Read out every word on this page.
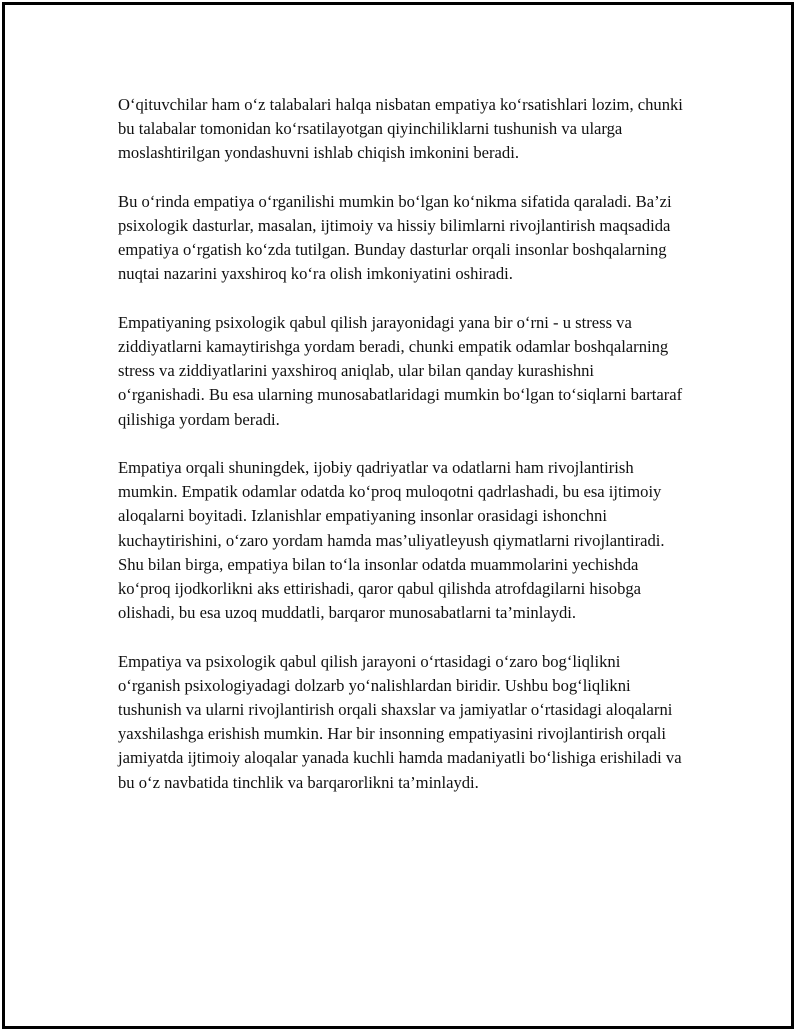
O‘qituvchilar ham o‘z talabalari halqa nisbatan empatiya ko‘rsatishlari lozim, chunki bu talabalar tomonidan ko‘rsatilayotgan qiyinchiliklarni tushunish va ularga moslashtirilgan yondashuvni ishlab chiqish imkonini beradi.

Bu o‘rinda empatiya o‘rganilishi mumkin bo‘lgan ko‘nikma sifatida qaraladi. Ba’zi psixologik dasturlar, masalan, ijtimoiy va hissiy bilimlarni rivojlantirish maqsadida empatiya o‘rgatish ko‘zda tutilgan. Bunday dasturlar orqali insonlar boshqalarning nuqtai nazarini yaxshiroq ko‘ra olish imkoniyatini oshiradi.

Empatiyaning psixologik qabul qilish jarayonidagi yana bir o‘rni - u stress va ziddiyatlarni kamaytirishga yordam beradi, chunki empatik odamlar boshqalarning stress va ziddiyatlarini yaxshiroq aniqlab, ular bilan qanday kurashishni o‘rganishadi. Bu esa ularning munosabatlaridagi mumkin bo‘lgan to‘siqlarni bartaraf qilishiga yordam beradi.

Empatiya orqali shuningdek, ijobiy qadriyatlar va odatlarni ham rivojlantirish mumkin. Empatik odamlar odatda ko‘proq muloqotni qadrlashadi, bu esa ijtimoiy aloqalarni boyitadi. Izlanishlar empatiyaning insonlar orasidagi ishonchni kuchaytirishini, o‘zaro yordam hamda mas’uliyatleyush qiymatlarni rivojlantiradi. Shu bilan birga, empatiya bilan to‘la insonlar odatda muammolarini yechishda ko‘proq ijodkorlikni aks ettirishadi, qaror qabul qilishda atrofdagilarni hisobga olishadi, bu esa uzoq muddatli, barqaror munosabatlarni ta’minlaydi.

Empatiya va psixologik qabul qilish jarayoni o‘rtasidagi o‘zaro bog‘liqlikni o‘rganish psixologiyadagi dolzarb yo‘nalishlardan biridir. Ushbu bog‘liqlikni tushunish va ularni rivojlantirish orqali shaxslar va jamiyatlar o‘rtasidagi aloqalarni yaxshilashga erishish mumkin. Har bir insonning empatiyasini rivojlantirish orqali jamiyatda ijtimoiy aloqalar yanada kuchli hamda madaniyatli bo‘lishiga erishiladi va bu o‘z navbatida tinchlik va barqarorlikni ta’minlaydi.
